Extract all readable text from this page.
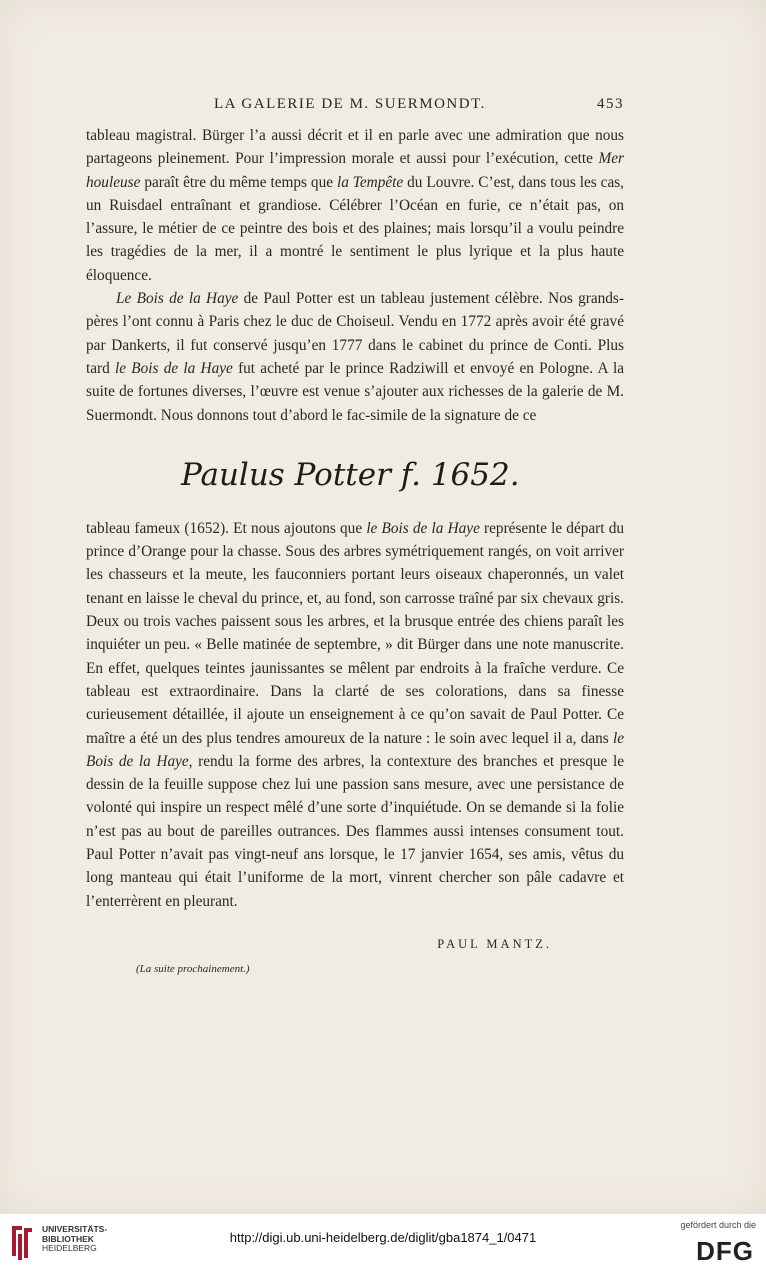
LA GALERIE DE M. SUERMONDT.	453

tableau magistral. Bürger l’a aussi décrit et il en parle avec une admiration que nous partageons pleinement. Pour l’impression morale et aussi pour l’exécution, cette Mer houleuse paraît être du même temps que la Tempête du Louvre. C’est, dans tous les cas, un Ruisdael entraînant et grandiose. Célébrer l’Océan en furie, ce n’était pas, on l’assure, le métier de ce peintre des bois et des plaines; mais lorsqu’il a voulu peindre les tragédies de la mer, il a montré le sentiment le plus lyrique et la plus haute éloquence.

Le Bois de la Haye de Paul Potter est un tableau justement célèbre. Nos grands-pères l’ont connu à Paris chez le duc de Choiseul. Vendu en 1772 après avoir été gravé par Dankerts, il fut conservé jusqu’en 1777 dans le cabinet du prince de Conti. Plus tard le Bois de la Haye fut acheté par le prince Radziwill et envoyé en Pologne. A la suite de fortunes diverses, l’œuvre est venue s’ajouter aux richesses de la galerie de M. Suermondt. Nous donnons tout d’abord le fac-simile de la signature de ce

Paulus Potter f. 1652.

tableau fameux (1652). Et nous ajoutons que le Bois de la Haye représente le départ du prince d’Orange pour la chasse. Sous des arbres symétriquement rangés, on voit arriver les chasseurs et la meute, les fauconniers portant leurs oiseaux chaperonnés, un valet tenant en laisse le cheval du prince, et, au fond, son carrosse traîné par six chevaux gris. Deux ou trois vaches paissent sous les arbres, et la brusque entrée des chiens paraît les inquiéter un peu. « Belle matinée de septembre, » dit Bürger dans une note manuscrite. En effet, quelques teintes jaunissantes se mêlent par endroits à la fraîche verdure. Ce tableau est extraordinaire. Dans la clarté de ses colorations, dans sa finesse curieusement détaillée, il ajoute un enseignement à ce qu’on savait de Paul Potter. Ce maître a été un des plus tendres amoureux de la nature : le soin avec lequel il a, dans le Bois de la Haye, rendu la forme des arbres, la contexture des branches et presque le dessin de la feuille suppose chez lui une passion sans mesure, avec une persistance de volonté qui inspire un respect mêlé d’une sorte d’inquiétude. On se demande si la folie n’est pas au bout de pareilles outrances. Des flammes aussi intenses consument tout. Paul Potter n’avait pas vingt-neuf ans lorsque, le 17 janvier 1654, ses amis, vêtus du long manteau qui était l’uniforme de la mort, vinrent chercher son pâle cadavre et l’enterrèrent en pleurant.

PAUL MANTZ.
(La suite prochainement.)
UNIVERSITÄTS-
BIBLIOTHEK
HEIDELBERG
http://digi.ub.uni-heidelberg.de/diglit/gba1874_1/0471
gefördert durch die
DFG
